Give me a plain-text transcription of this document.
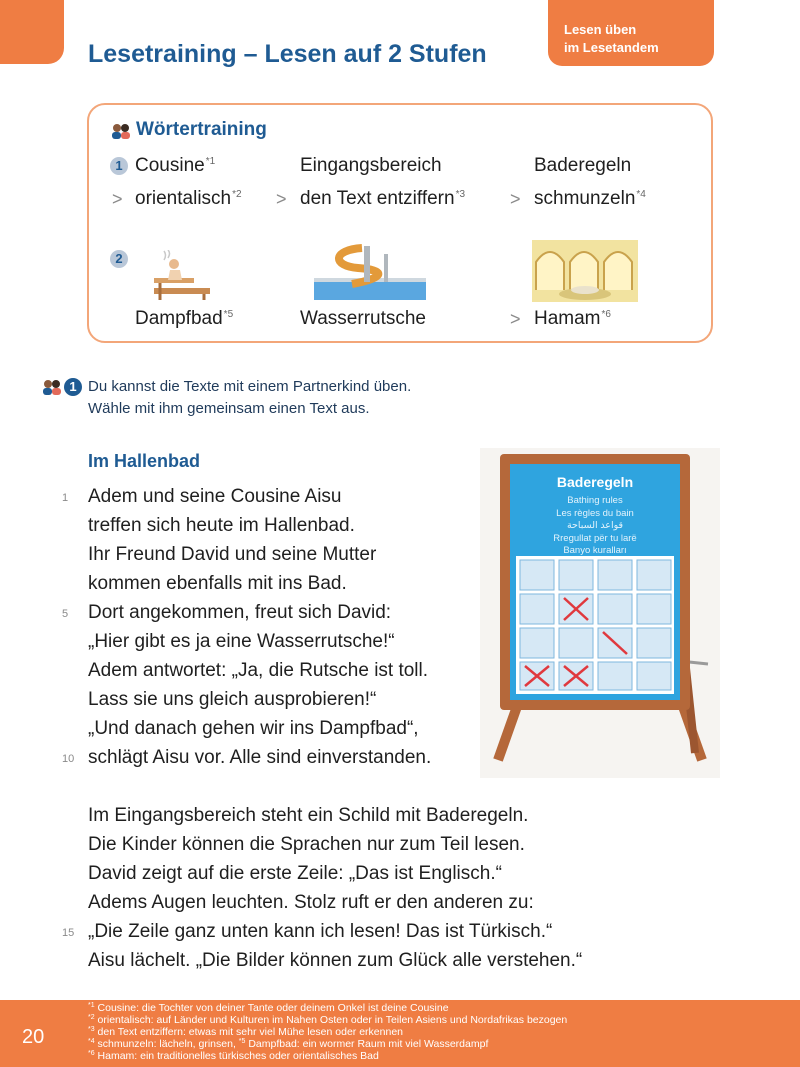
Lesen üben
im Lesetandem
Lesetraining – Lesen auf 2 Stufen
Wörtertraining
1 Cousine$^{*1}$	Eingangsbereich	Baderegeln
> orientalisch$^{*2}$ > den Text entziffern$^{*3}$ > schmunzeln$^{*4}$
2
Dampfbad$^{*5}$	Wasserrutsche	> Hamam$^{*6}$
1 Du kannst die Texte mit einem Partnerkind üben.
Wähle mit ihm gemeinsam einen Text aus.
Im Hallenbad
1
5
10
15
Adem und seine Cousine Aisu
treffen sich heute im Hallenbad.
Ihr Freund David und seine Mutter
kommen ebenfalls mit ins Bad.
Dort angekommen, freut sich David:
„Hier gibt es ja eine Wasserrutsche!“
Adem antwortet: „Ja, die Rutsche ist toll.
Lass sie uns gleich ausprobieren!“
„Und danach gehen wir ins Dampfbad“,
schlägt Aisu vor. Alle sind einverstanden.
Im Eingangsbereich steht ein Schild mit Baderegeln.
Die Kinder können die Sprachen nur zum Teil lesen.
David zeigt auf die erste Zeile: „Das ist Englisch.“
Adems Augen leuchten. Stolz ruft er den anderen zu:
„Die Zeile ganz unten kann ich lesen! Das ist Türkisch.“
Aisu lächelt. „Die Bilder können zum Glück alle verstehen.“
Baderegeln
Bathing rules
Les règles du bain
قواعد السباحة
Rregullat për tu larë
Banyo kuralları
20
$^{*1}$ Cousine: die Tochter von deiner Tante oder deinem Onkel ist deine Cousine
$^{*2}$ orientalisch: auf Länder und Kulturen im Nahen Osten oder in Teilen Asiens und Nordafrikas bezogen
$^{*3}$ den Text entziffern: etwas mit sehr viel Mühe lesen oder erkennen
$^{*4}$ schmunzeln: lächeln, grinsen, $^{*5}$ Dampfbad: ein wormer Raum mit viel Wasserdampf
$^{*6}$ Hamam: ein traditionelles türkisches oder orientalisches Bad
